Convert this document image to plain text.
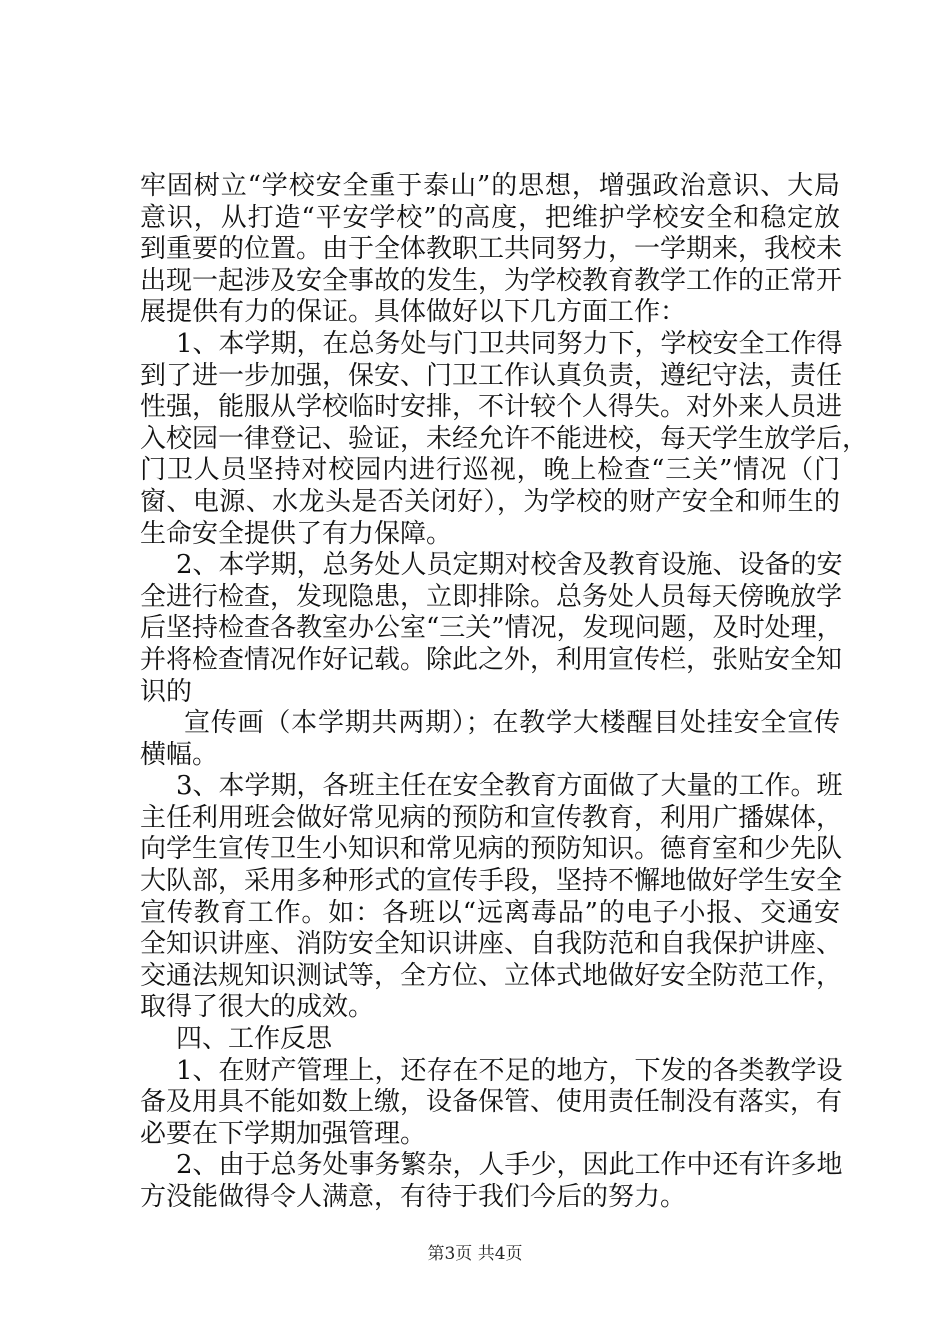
牢固树立“学校安全重于泰山”的思想，增强政治意识、大局
意识，从打造“平安学校”的高度，把维护学校安全和稳定放
到重要的位置。由于全体教职工共同努力，一学期来，我校未
出现一起涉及安全事故的发生，为学校教育教学工作的正常开
展提供有力的保证。具体做好以下几方面工作：
1、本学期，在总务处与门卫共同努力下，学校安全工作得
到了进一步加强，保安、门卫工作认真负责，遵纪守法，责任
性强，能服从学校临时安排，不计较个人得失。对外来人员进
入校园一律登记、验证，未经允许不能进校，每天学生放学后，
门卫人员坚持对校园内进行巡视，晚上检查“三关”情况（门
窗、电源、水龙头是否关闭好），为学校的财产安全和师生的
生命安全提供了有力保障。
2、本学期，总务处人员定期对校舍及教育设施、设备的安
全进行检查，发现隐患，立即排除。总务处人员每天傍晚放学
后坚持检查各教室办公室“三关”情况，发现问题，及时处理，
并将检查情况作好记载。除此之外，利用宣传栏，张贴安全知
识的
宣传画（本学期共两期）；在教学大楼醒目处挂安全宣传
横幅。
3、本学期，各班主任在安全教育方面做了大量的工作。班
主任利用班会做好常见病的预防和宣传教育，利用广播媒体，
向学生宣传卫生小知识和常见病的预防知识。德育室和少先队
大队部，采用多种形式的宣传手段，坚持不懈地做好学生安全
宣传教育工作。如：各班以“远离毒品”的电子小报、交通安
全知识讲座、消防安全知识讲座、自我防范和自我保护讲座、
交通法规知识测试等，全方位、立体式地做好安全防范工作，
取得了很大的成效。
四、工作反思
1、在财产管理上，还存在不足的地方，下发的各类教学设
备及用具不能如数上缴，设备保管、使用责任制没有落实，有
必要在下学期加强管理。
2、由于总务处事务繁杂，人手少，因此工作中还有许多地
方没能做得令人满意，有待于我们今后的努力。
第3页 共4页
